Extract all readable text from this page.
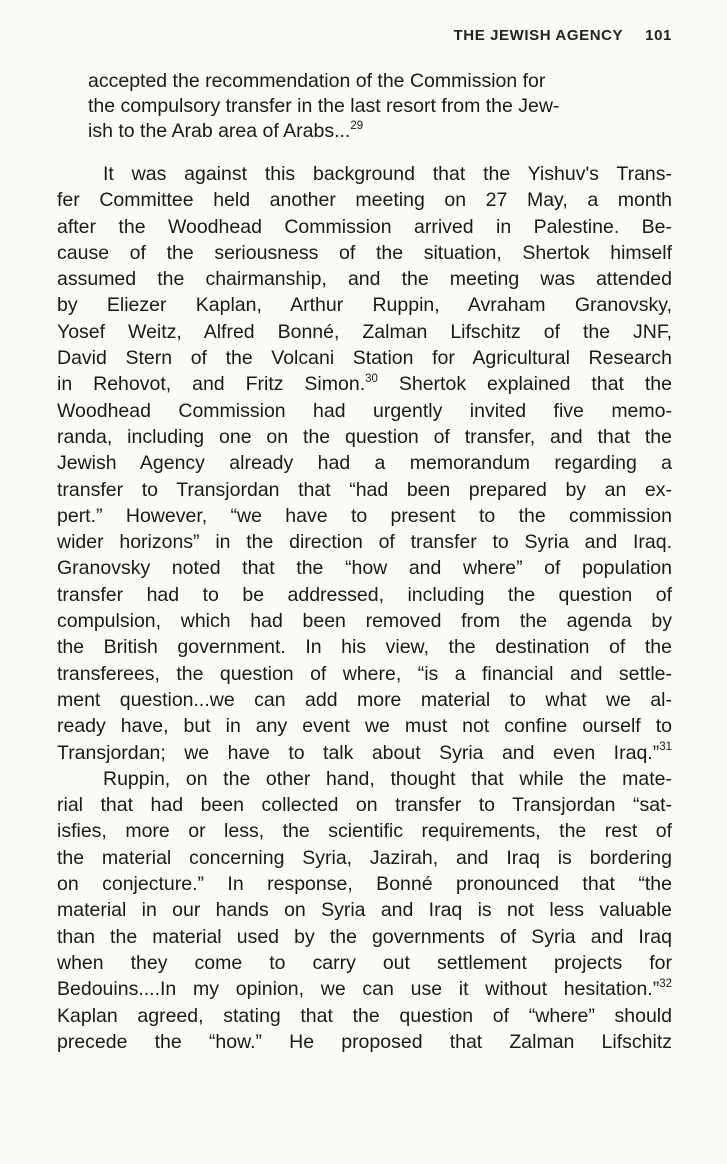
THE JEWISH AGENCY 101
accepted the recommendation of the Commission for
the compulsory transfer in the last resort from the Jew-
ish to the Arab area of Arabs...$^{29}$
It was against this background that the Yishuv's Trans-
fer Committee held another meeting on 27 May, a month
after the Woodhead Commission arrived in Palestine. Be-
cause of the seriousness of the situation, Shertok himself
assumed the chairmanship, and the meeting was attended
by Eliezer Kaplan, Arthur Ruppin, Avraham Granovsky,
Yosef Weitz, Alfred Bonné, Zalman Lifschitz of the JNF,
David Stern of the Volcani Station for Agricultural Research
in Rehovot, and Fritz Simon.$^{30}$ Shertok explained that the
Woodhead Commission had urgently invited five memo-
randa, including one on the question of transfer, and that the
Jewish Agency already had a memorandum regarding a
transfer to Transjordan that “had been prepared by an ex-
pert.” However, “we have to present to the commission
wider horizons” in the direction of transfer to Syria and Iraq.
Granovsky noted that the “how and where” of population
transfer had to be addressed, including the question of
compulsion, which had been removed from the agenda by
the British government. In his view, the destination of the
transferees, the question of where, “is a financial and settle-
ment question...we can add more material to what we al-
ready have, but in any event we must not confine ourself to
Transjordan; we have to talk about Syria and even Iraq.”$^{31}$
Ruppin, on the other hand, thought that while the mate-
rial that had been collected on transfer to Transjordan “sat-
isfies, more or less, the scientific requirements, the rest of
the material concerning Syria, Jazirah, and Iraq is bordering
on conjecture.” In response, Bonné pronounced that “the
material in our hands on Syria and Iraq is not less valuable
than the material used by the governments of Syria and Iraq
when they come to carry out settlement projects for
Bedouins....In my opinion, we can use it without hesitation.”$^{32}$
Kaplan agreed, stating that the question of “where” should
precede the “how.” He proposed that Zalman Lifschitz
